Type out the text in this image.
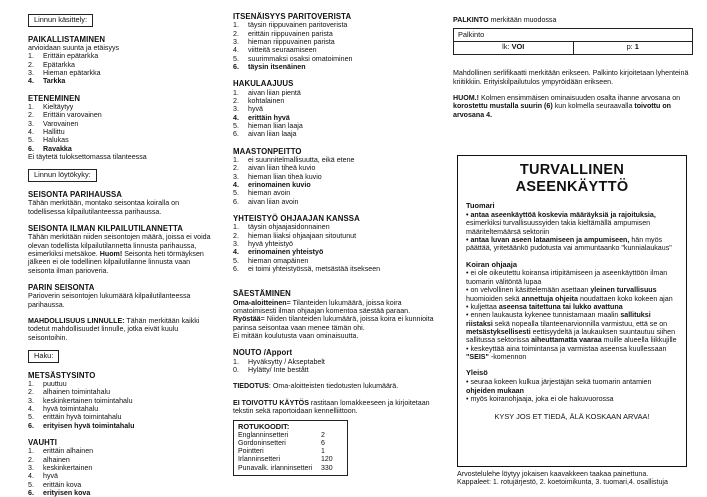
Linnun käsittely:
PAIKALLISTAMINEN
arvioidaan suunta ja etäisyys
1.	Erittäin epätarkka
2.	Epätarkka
3.	Hieman epätarkka
4.	Tarkka
ETENEMINEN
1.	Kieltäytyy
2.	Erittäin varovainen
3.	Varovainen
4.	Hallittu
5.	Halukas
6.	Ravakka
Ei täytetä tuloksettomassa tilanteessa
Linnun löytökyky:
SEISONTA PARIHAUSSA
Tähän merkitään, montako seisontaa koiralla on todellisessa kilpailutilanteessa parihaussa.
SEISONTA ILMAN KILPAILUTILANNETTA
Tähän merkitään niiden seisontojen määrä, joissa ei voida olevan todellista kilpailutilannetta linnusta parihaussa, esimerkiksi metsäkoe. Huom! Seisonta heti törmäyksen jälkeen ei ole todellinen kilpailutilanne linnusta vaan seisonta ilman parioveria.
PARIN SEISONTA
Parioverin seisontojen lukumäärä kilpailutilanteessa parihaussa.
MAHDOLLISUUS LINNULLE: Tähän merkitään kaikki todetut mahdollisuudet linnulle, jotka eivät kuulu seisontoihin.
Haku:
METSÄSTYSINTO
1.	puuttuu
2.	alhainen toimintahalu
3.	keskinkertainen toimintahalu
4.	hyvä toimintahalu
5.	erittäin hyvä toimintahalu
6.	erityisen hyvä toimintahalu
VAUHTI
1.	erittäin alhainen
2.	alhainen
3.	keskinkertainen
4.	hyvä
5.	erittäin kova
6.	erityisen kova
ITSENÄISYYS PARITOVERISTA
1.	täysin riippuvainen paritoverista
2.	erittäin riippuvainen parista
3.	hieman riippuvainen parista
4.	viitteitä seuraamiseen
5.	suurimmaksi osaksi omatoiminen
6.	täysin itsenäinen
HAKULAAJUUS
1.	aivan liian pientä
2.	kohtalainen
3.	hyvä
4.	erittäin hyvä
5.	hieman liian laaja
6.	aivan liian laaja
MAASTONPEITTO
1.	ei suunnitelmallisuutta, eikä etene
2.	aivan liian tiheä kuvio
3.	hieman liian tiheä kuvio
4.	erinomainen kuvio
5.	hieman avoin
6.	aivan liian avoin
YHTEISTYÖ OHJAAJAN KANSSA
1.	täysin ohjaajasidonnainen
2.	hieman liiaksi ohjaajaan sitoutunut
3.	hyvä yhteistyö
4.	erinomainen yhteistyö
5.	hieman omapäinen
6.	ei toimi yhteistyössä, metsästää itsekseen
SÄESTÄMINEN
Oma-aloitteinen= Tilanteiden lukumäärä, joissa koira omatoimisesti ilman ohjaajan komentoa säestää paraan.
Ryöstää= Niiden tilanteiden lukumäärä, joissa koira ei kunnioita parinsa seisontaa vaan menee tämän ohi.
Ei mitään koulutusta vaan ominaisuutta.
NOUTO /Apport
1.	Hyväksytty / Akseptabelt
0.	Hylätty/ Inte bestått
TIEDOTUS: Oma-aloitteisten tiedotusten lukumäärä.
EI TOIVOTTU KÄYTÖS rastitaan lomakkeeseen ja kirjoitetaan tekstin sekä raportoidaan kennelliittoon.
ROTUKOODIT:
Englanninsetteri	2
Gordoninsetteri	6
Pointteri	1
Irlanninsetteri	120
Punavalk. irlanninsetteri 330
PALKINTO merkitään muodossa
Palkinto
lk: VOI	p: 1
Mahdollinen serlifikaatti merkitään erikseen. Palkinto kirjoitetaan lyhenteinä kriitikkiin. Erityiskilpailutulos ympyröidään erikseen.
HUOM.! Kolmen ensimmäisen ominaisuuden osalta ihanne arvosana on korostettu mustalla suurin (6) kun kolmella seuraavalla toivottu on arvosana 4.
TURVALLINEN ASEENKÄYTTÖ
Tuomari
• antaa aseenkäyttöä koskevia määräyksiä ja rajoituksia, esimerkiksi turvallisuussyiden takia kieltämällä ampumisen määriteltemäärsä sektoriin
• antaa luvan aseen lataamiseen ja ampumiseen, hän myös päättää, yritetäänkö pudotusta vai ammuntaanko "kunnialaukaus"
Koiran ohjaaja
• ei ole oikeutettu koiransa irtipitämiseen ja aseenkäyttöön ilman tuomarin välitöntä lupaa
• on velvollinen käsittelemään asettaan yleinen turvallisuus huomioiden sekä annettuja ohjeita noudattaen koko kokeen ajan
• kuljettaa aseensa taitettuna tai lukko avattuna
• ennen laukausta kykenee tunnistamaan maalin sallituksi riistaksi sekä nopealla tilanteenarvionnilla varmistuu, että se on metsästyksellisesti eettisyydeltä ja laukauksen suuntautuu siihen sallitussa sektorissa aiheuttamatta vaaraa muille alueella liikkujille
• keskeyttää aina toimintansa ja varmistaa aseensa kuullessaan "SEIS" -komennon
Yleisö
• seuraa kokeen kulkua järjestäjän sekä tuomarin antamien ohjeiden mukaan
• myös koiranohjaaja, joka ei ole hakuvuorossa
KYSY JOS ET TIEDÄ, ÄLÄ KOSKAAN ARVAA!
Arvostelulehe löytyy jokaisen kaavakkeen taakaa painettuna.
Kappaleet: 1. rotujärjestö, 2. koetoimikunta, 3. tuomari,4. osallistuja
